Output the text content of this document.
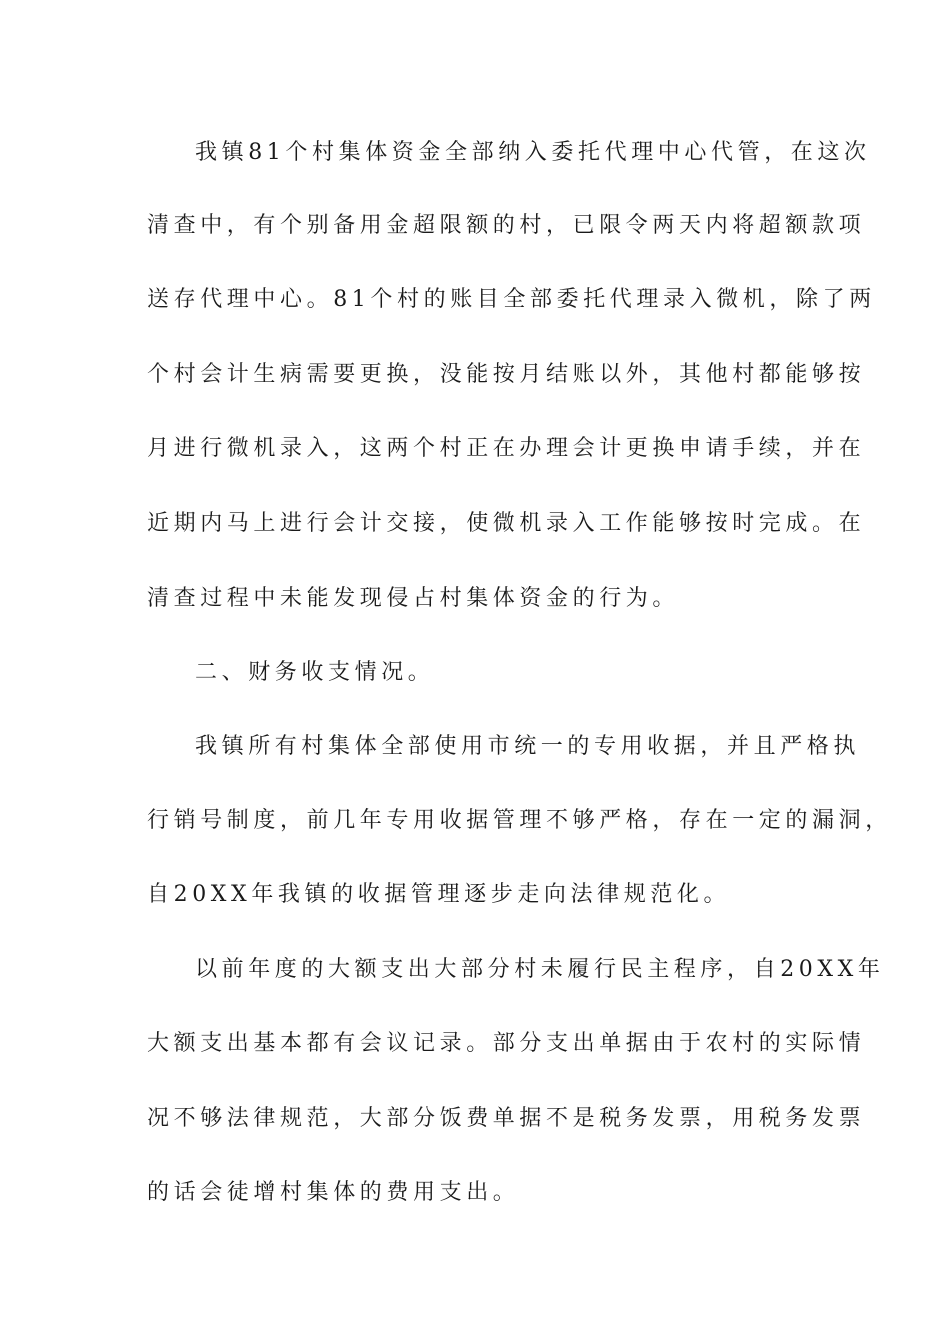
我镇81个村集体资金全部纳入委托代理中心代管，在这次
清查中，有个别备用金超限额的村，已限令两天内将超额款项
送存代理中心。81个村的账目全部委托代理录入微机，除了两
个村会计生病需要更换，没能按月结账以外，其他村都能够按
月进行微机录入，这两个村正在办理会计更换申请手续，并在
近期内马上进行会计交接，使微机录入工作能够按时完成。在
清查过程中未能发现侵占村集体资金的行为。
二、财务收支情况。
我镇所有村集体全部使用市统一的专用收据，并且严格执
行销号制度，前几年专用收据管理不够严格，存在一定的漏洞，
自20XX年我镇的收据管理逐步走向法律规范化。
以前年度的大额支出大部分村未履行民主程序，自20XX年
大额支出基本都有会议记录。部分支出单据由于农村的实际情
况不够法律规范，大部分饭费单据不是税务发票，用税务发票
的话会徒增村集体的费用支出。
